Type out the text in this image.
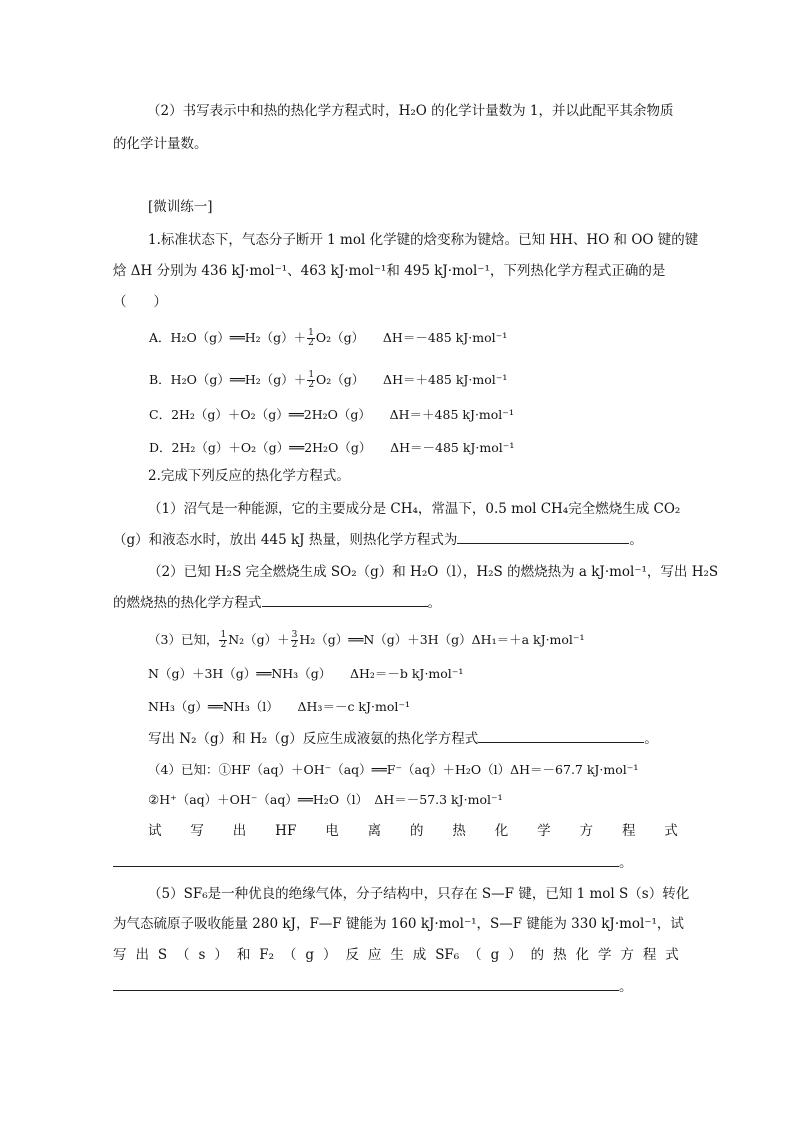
（2）书写表示中和热的热化学方程式时，H₂O 的化学计量数为 1，并以此配平其余物质
的化学计量数。
[微训练一]
1.标准状态下，气态分子断开 1 mol 化学键的焓变称为键焓。已知 HH、HO 和 OO 键的键
焓 ΔH 分别为 436 kJ·mol⁻¹、463 kJ·mol⁻¹和 495 kJ·mol⁻¹，下列热化学方程式正确的是
（　　）
A．H₂O（g）══H₂（g）＋ $\frac{1}{2} O_2(g)$　　ΔH＝－485 kJ·mol⁻¹
B．H₂O（g）══H₂（g）＋ $\frac{1}{2} O_2(g)$　　ΔH＝＋485 kJ·mol⁻¹
C．2H₂（g）＋O₂（g）══2H₂O（g）　　ΔH＝＋485 kJ·mol⁻¹
D．2H₂（g）＋O₂（g）══2H₂O（g）　　ΔH＝－485 kJ·mol⁻¹
2.完成下列反应的热化学方程式。
（1）沼气是一种能源，它的主要成分是 CH₄，常温下，0.5 mol CH₄完全燃烧生成 CO₂
（g）和液态水时，放出 445 kJ 热量，则热化学方程式为	。
（2）已知 H₂S 完全燃烧生成 SO₂（g）和 H₂O（l），H₂S 的燃烧热为 a kJ·mol⁻¹，写出 H₂S
的燃烧热的热化学方程式	。
（3）已知， $\frac{1}{2} N_2(g)+ \frac{3}{2}$ H₂（g）══N（g）＋3H（g）ΔH₁＝＋a kJ·mol⁻¹
N（g）＋3H（g）══NH₃（g）　　ΔH₂＝－b kJ·mol⁻¹
NH₃（g）══NH₃（l）　　ΔH₃＝－c kJ·mol⁻¹
写出 N₂（g）和 H₂（g）反应生成液氨的热化学方程式	。
（4）已知：①HF（aq）＋OH⁻（aq）══F⁻（aq）＋H₂O（l）ΔH＝－67.7 kJ·mol⁻¹
②H⁺（aq）＋OH⁻（aq）══H₂O（l）　ΔH＝－57.3 kJ·mol⁻¹
试 写 出 HF 电 离 的 热 化 学 方 程 式
。
（5）SF₆是一种优良的绝缘气体，分子结构中，只存在 S—F 键，已知 1 mol S（s）转化
为气态硫原子吸收能量 280 kJ，F—F 键能为 160 kJ·mol⁻¹，S—F 键能为 330 kJ·mol⁻¹，试
写 出 S （ s ） 和 F₂ （ g ） 反 应 生 成 SF₆ （ g ） 的 热 化 学 方 程 式
。
